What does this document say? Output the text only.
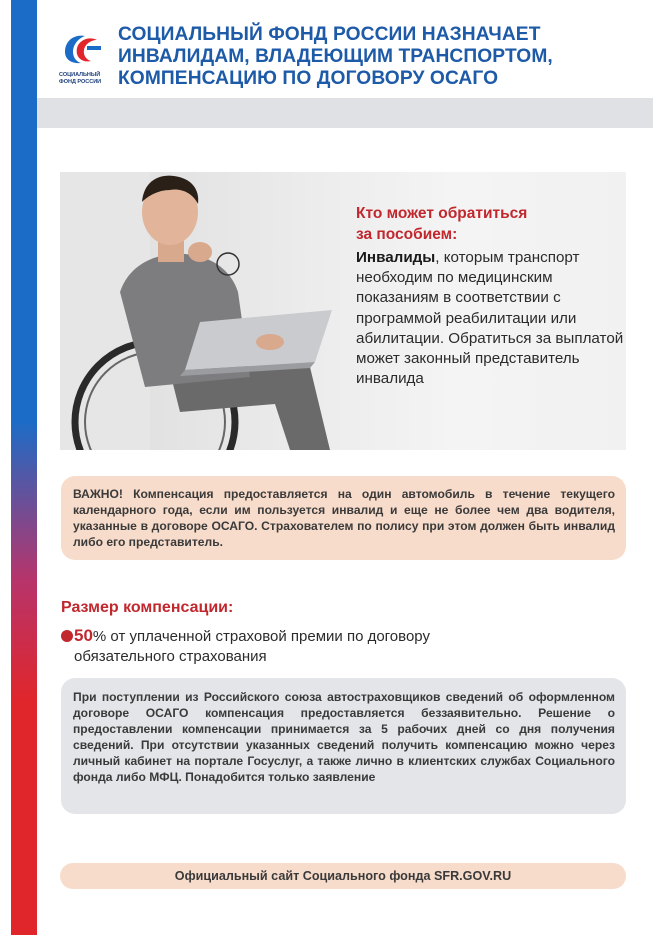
СОЦИАЛЬНЫЙ
ФОНД РОССИИ
СОЦИАЛЬНЫЙ ФОНД РОССИИ НАЗНАЧАЕТ
ИНВАЛИДАМ, ВЛАДЕЮЩИМ ТРАНСПОРТОМ,
КОМПЕНСАЦИЮ ПО ДОГОВОРУ ОСАГО
Кто может обратиться
за пособием:
Инвалиды, которым транспорт необходим по медицинским показаниям в соответствии с программой реабилитации или абилитации. Обратиться за выплатой может законный представитель инвалида
ВАЖНО! Компенсация предоставляется на один автомобиль в течение текущего календарного года, если им пользуется инвалид и еще не более чем два водителя, указанные в договоре ОСАГО. Страхователем по полису при этом должен быть инвалид либо его представитель.
Размер компенсации:
50% от уплаченной страховой премии по договору
обязательного страхования
При поступлении из Российского союза автостраховщиков сведений об оформленном договоре ОСАГО компенсация предоставляется беззаявительно. Решение о предоставлении компенсации принимается за 5 рабочих дней со дня получения сведений. При отсутствии указанных сведений получить компенсацию можно через личный кабинет на портале Госуслуг, а также лично в клиентских службах Социального фонда либо МФЦ. Понадобится только заявление
Официальный сайт Социального фонда SFR.GOV.RU
